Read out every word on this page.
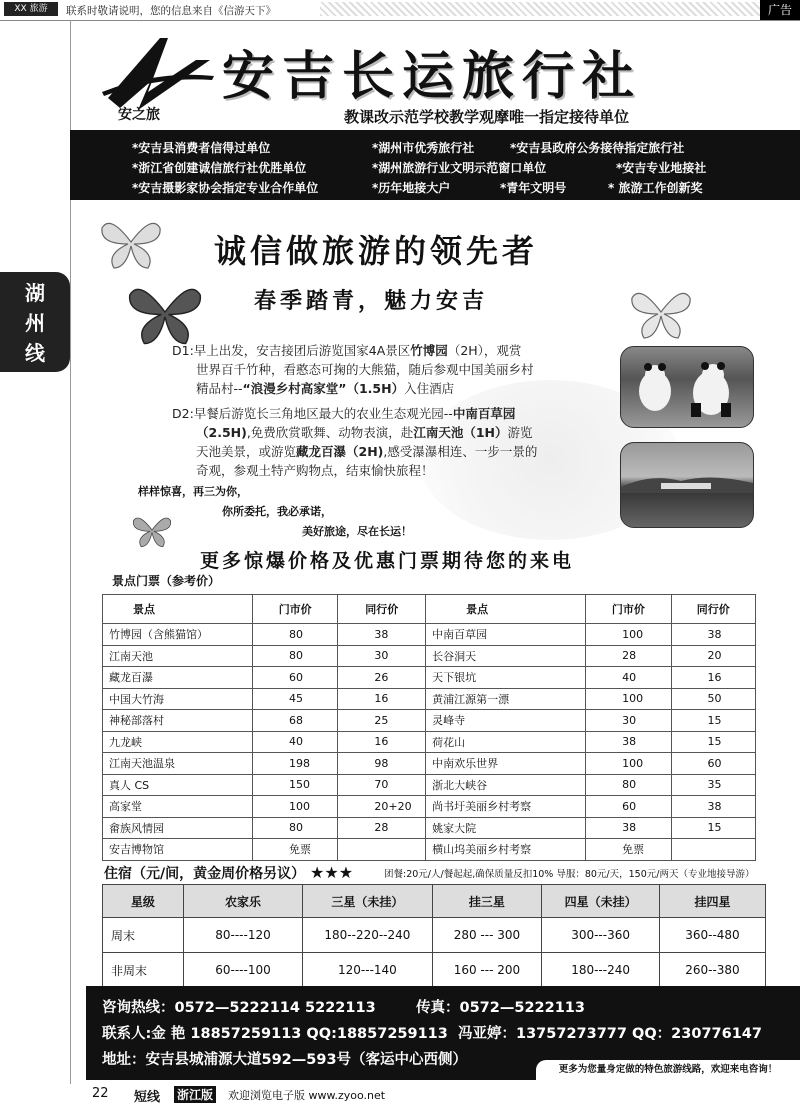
XX 旅游	联系时敬请说明，您的信息来自《信游天下》	广告
湖
州
线
安之旅
安吉长运旅行社
教课改示范学校教学观摩唯一指定接待单位
*安吉县消费者信得过单位	*湖州市优秀旅行社	*安吉县政府公务接待指定旅行社
*浙江省创建诚信旅行社优胜单位	*湖州旅游行业文明示范窗口单位	*安吉专业地接社
*安吉摄影家协会指定专业合作单位	*历年地接大户	*青年文明号	* 旅游工作创新奖
诚信做旅游的领先者
春季踏青，魅力安吉
D1:早上出发，安吉接团后游览国家4A景区竹博园（2H），观赏
世界百千竹种，看憨态可掬的大熊猫，随后参观中国美丽乡村
精品村--“浪漫乡村高家堂”（1.5H）入住酒店
D2:早餐后游览长三角地区最大的农业生态观光园--中南百草园
（2.5H),免费欣赏歌舞、动物表演，赴江南天池（1H）游览
天池美景，或游览藏龙百瀑（2H),感受瀑瀑相连、一步一景的
奇观，参观土特产购物点，结束愉快旅程！
样样惊喜，再三为你，
你所委托，我必承诺，
美好旅途，尽在长运！
更多惊爆价格及优惠门票期待您的来电
景点门票（参考价）
景点	门市价	同行价	景点	门市价	同行价
竹博园（含熊猫馆）	80	38	中南百草园	100	38
江南天池	80	30	长谷洞天	28	20
藏龙百瀑	60	26	天下银坑	40	16
中国大竹海	45	16	黄浦江源第一漂	100	50
神秘部落村	68	25	灵峰寺	30	15
九龙峡	40	16	荷花山	38	15
江南天池温泉	198	98	中南欢乐世界	100	60
真人 CS	150	70	浙北大峡谷	80	35
高家堂	100	20+20	尚书圩美丽乡村考察	60	38
畲族风情园	80	28	姚家大院	38	15
安吉博物馆	免票		横山坞美丽乡村考察	免票	
住宿（元/间，黄金周价格另议） ★★★	团餐:20元/人/餐起起,确保质量反扣10% 导服：80元/天，150元/两天（专业地接导游）
星级	农家乐	三星（未挂）	挂三星	四星（未挂）	挂四星
周末	80----120	180--220--240	280 --- 300	300---360	360--480
非周末	60----100	120---140	160 --- 200	180---240	260--380
咨询热线：0572—5222114 5222113	传真：0572—5222113
联系人:金 艳 18857259113 QQ:18857259113 冯亚婷：13757273777 QQ：230776147
地址：安吉县城浦源大道592—593号（客运中心西侧）
更多为您量身定做的特色旅游线路，欢迎来电咨询！
22 短线 浙江版 欢迎浏览电子版 www.zyoo.net
